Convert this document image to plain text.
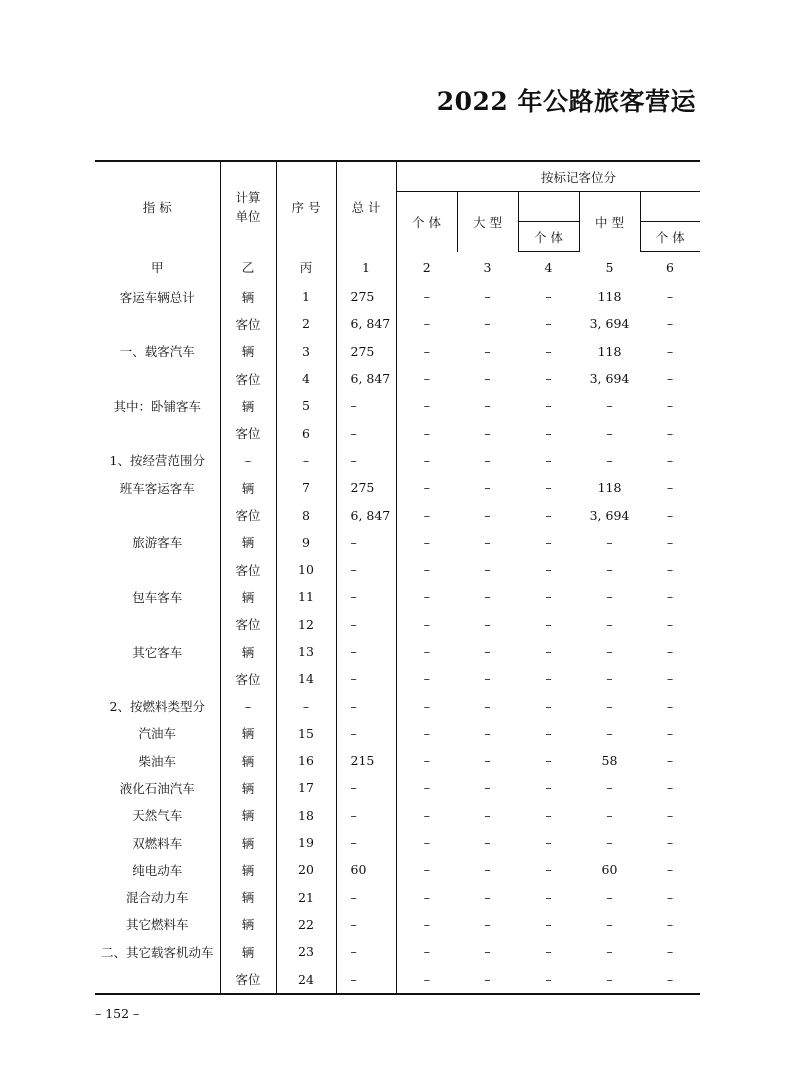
2022 年公路旅客营运
指 标	计算
单位	序 号	总 计		按标记客位分			
				个 体	大 型		中 型	
						个 体		个 体
甲	乙	丙	1	2	3	4	5	6
客运车辆总计	辆	1	275	–	–	–	118	–
	客位	2	6, 847	–	–	–	3, 694	–
一、载客汽车	辆	3	275	–	–	–	118	–
	客位	4	6, 847	–	–	–	3, 694	–
其中：卧铺客车	辆	5	–	–	–	–	–	–
	客位	6	–	–	–	–	–	–
1、按经营范围分	–	–	–	–	–	–	–	–
班车客运客车	辆	7	275	–	–	–	118	–
	客位	8	6, 847	–	–	–	3, 694	–
旅游客车	辆	9	–	–	–	–	–	–
	客位	10	–	–	–	–	–	–
包车客车	辆	11	–	–	–	–	–	–
	客位	12	–	–	–	–	–	–
其它客车	辆	13	–	–	–	–	–	–
	客位	14	–	–	–	–	–	–
2、按燃料类型分	–	–	–	–	–	–	–	–
汽油车	辆	15	–	–	–	–	–	–
柴油车	辆	16	215	–	–	–	58	–
液化石油汽车	辆	17	–	–	–	–	–	–
天然气车	辆	18	–	–	–	–	–	–
双燃料车	辆	19	–	–	–	–	–	–
纯电动车	辆	20	60	–	–	–	60	–
混合动力车	辆	21	–	–	–	–	–	–
其它燃料车	辆	22	–	–	–	–	–	–
二、其它载客机动车	辆	23	–	–	–	–	–	–
	客位	24	–	–	–	–	–	–
– 152 –
